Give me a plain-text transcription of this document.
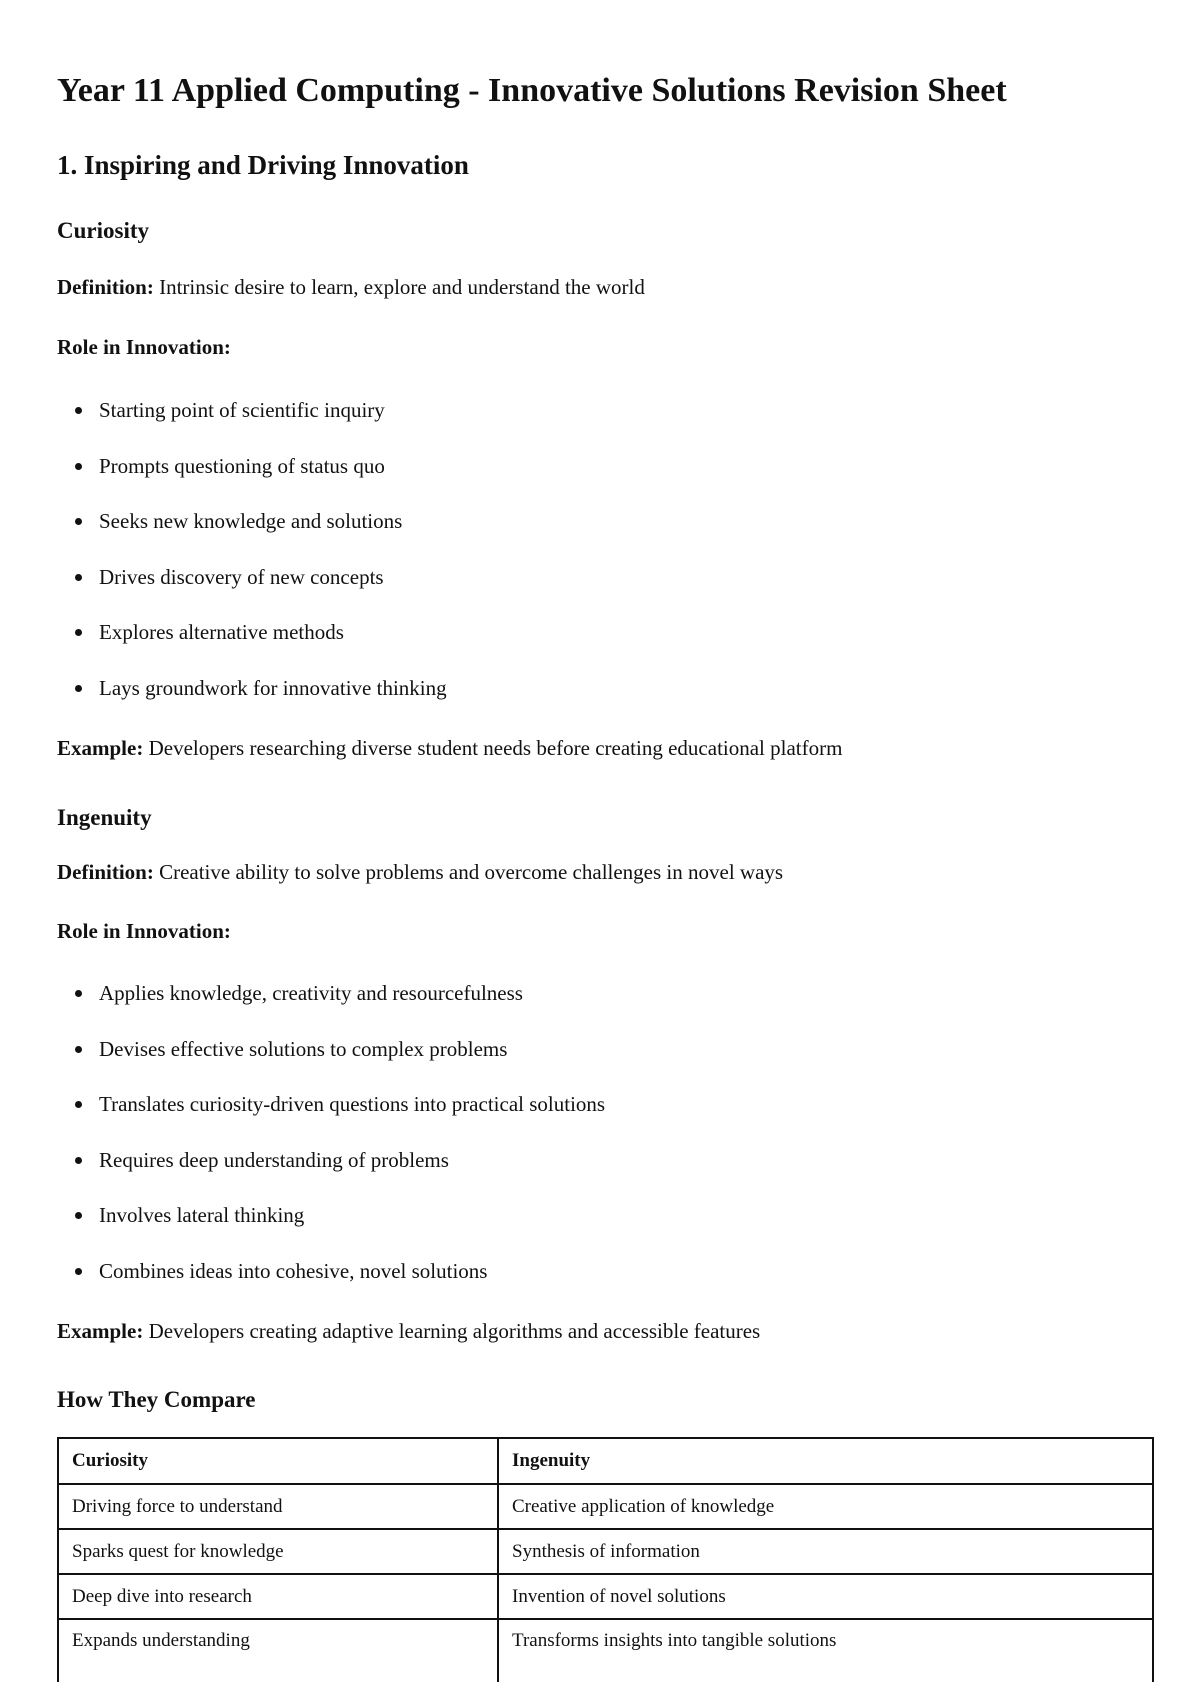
Year 11 Applied Computing - Innovative Solutions Revision Sheet
1. Inspiring and Driving Innovation
Curiosity

Definition: Intrinsic desire to learn, explore and understand the world

Role in Innovation:

Starting point of scientific inquiry
Prompts questioning of status quo
Seeks new knowledge and solutions
Drives discovery of new concepts
Explores alternative methods
Lays groundwork for innovative thinking

Example: Developers researching diverse student needs before creating educational platform

Ingenuity

Definition: Creative ability to solve problems and overcome challenges in novel ways

Role in Innovation:

Applies knowledge, creativity and resourcefulness
Devises effective solutions to complex problems
Translates curiosity-driven questions into practical solutions
Requires deep understanding of problems
Involves lateral thinking
Combines ideas into cohesive, novel solutions

Example: Developers creating adaptive learning algorithms and accessible features

How They Compare
Curiosity	Ingenuity
Driving force to understand	Creative application of knowledge
Sparks quest for knowledge	Synthesis of information
Deep dive into research	Invention of novel solutions
Expands understanding	Transforms insights into tangible solutions
